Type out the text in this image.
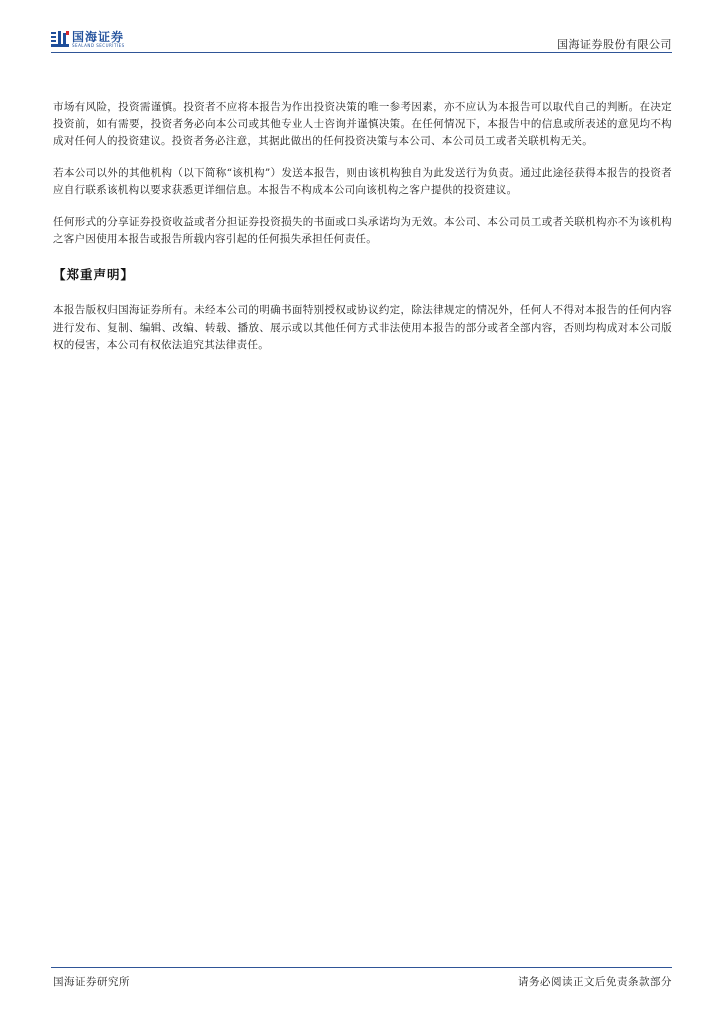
国海证券
SEALAND SECURITIES	国海证券股份有限公司

市场有风险，投资需谨慎。投资者不应将本报告为作出投资决策的唯一参考因素，亦不应认为本报告可以取代自己的判断。在决定投资前，如有需要，投资者务必向本公司或其他专业人士咨询并谨慎决策。在任何情况下，本报告中的信息或所表述的意见均不构成对任何人的投资建议。投资者务必注意，其据此做出的任何投资决策与本公司、本公司员工或者关联机构无关。

若本公司以外的其他机构（以下简称“该机构”）发送本报告，则由该机构独自为此发送行为负责。通过此途径获得本报告的投资者应自行联系该机构以要求获悉更详细信息。本报告不构成本公司向该机构之客户提供的投资建议。

任何形式的分享证券投资收益或者分担证券投资损失的书面或口头承诺均为无效。本公司、本公司员工或者关联机构亦不为该机构之客户因使用本报告或报告所载内容引起的任何损失承担任何责任。

【郑重声明】

本报告版权归国海证券所有。未经本公司的明确书面特别授权或协议约定，除法律规定的情况外，任何人不得对本报告的任何内容进行发布、复制、编辑、改编、转载、播放、展示或以其他任何方式非法使用本报告的部分或者全部内容，否则均构成对本公司版权的侵害，本公司有权依法追究其法律责任。

国海证券研究所	请务必阅读正文后免责条款部分
